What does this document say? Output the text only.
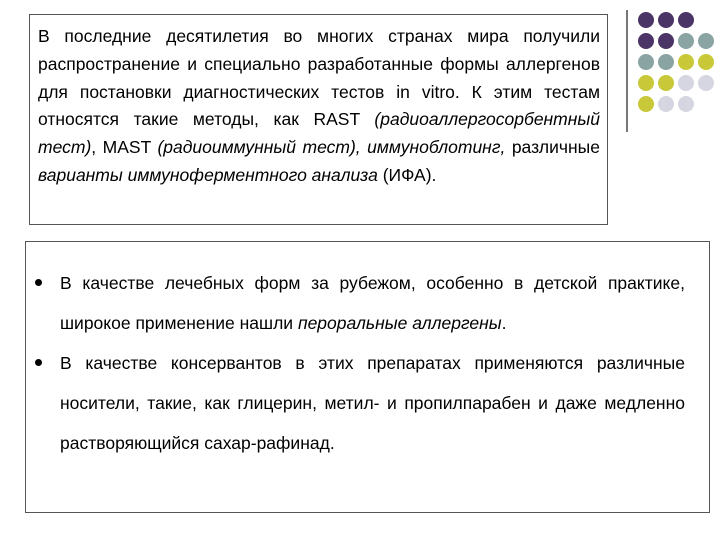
В последние десятилетия во многих странах мира получили распространение и специально разработанные формы аллергенов для постановки диагностических тестов in vitro. К этим тестам относятся такие методы, как RAST (радиоаллергосорбентный тест), MAST (радиоиммунный тест), иммуноблотинг, различные варианты иммуноферментного анализа (ИФА).
В качестве лечебных форм за рубежом, особенно в детской практике, широкое применение нашли пероральные аллергены.
В качестве консервантов в этих препаратах применяются различные носители, такие, как глицерин, метил- и пропилпарабен и даже медленно растворяющийся сахар-рафинад.
